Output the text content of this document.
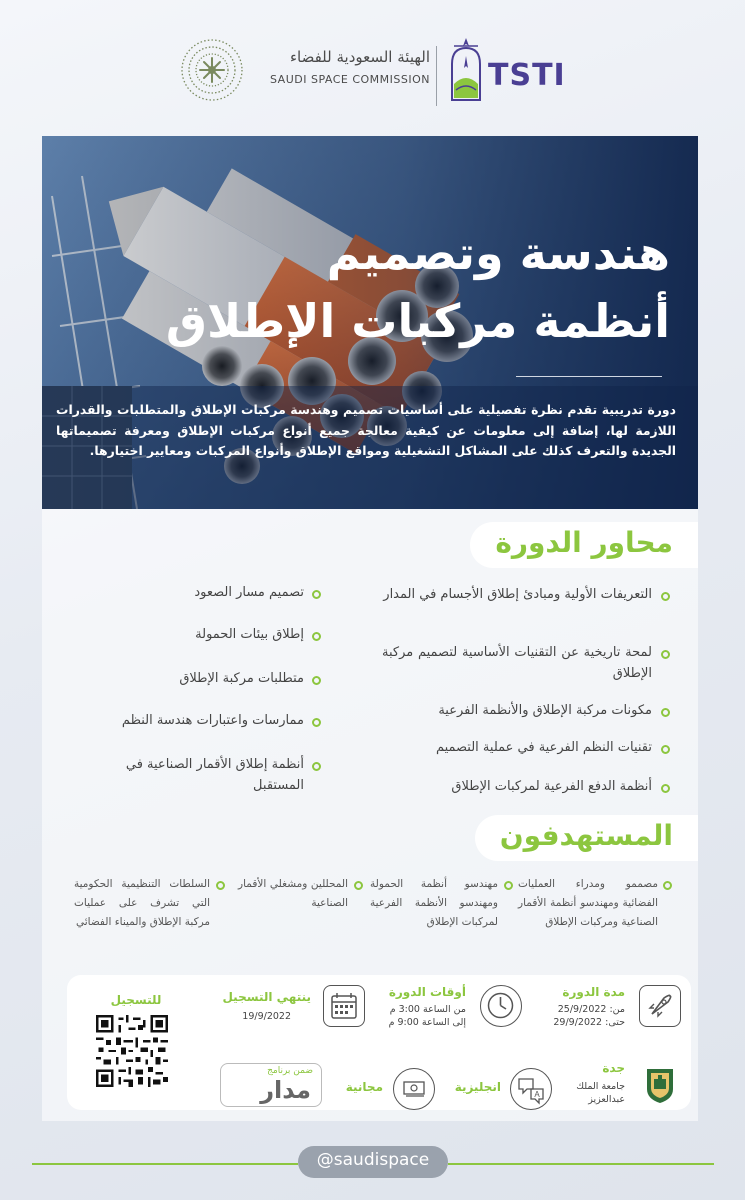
الهيئة السعودية للفضاء
SAUDI SPACE COMMISSION TSTI
هندسة وتصميم
أنظمة مركبات الإطلاق
دورة تدريبية تقدم نظرة تفصيلية على أساسيات تصميم وهندسة مركبات الإطلاق والمتطلبات والقدرات اللازمة لها، إضافة إلى معلومات عن كيفية معالجة جميع أنواع مركبات الإطلاق ومعرفة تصميماتها الجديدة والتعرف كذلك على المشاكل التشغيلية ومواقع الإطلاق وأنواع المركبات ومعايير اختيارها.
محاور الدورة
التعريفات الأولية ومبادئ إطلاق الأجسام في المدار
لمحة تاريخية عن التقنيات الأساسية لتصميم مركبة الإطلاق
مكونات مركبة الإطلاق والأنظمة الفرعية
تقنيات النظم الفرعية في عملية التصميم
أنظمة الدفع الفرعية لمركبات الإطلاق
تصميم مسار الصعود
إطلاق بيئات الحمولة
متطلبات مركبة الإطلاق
ممارسات واعتبارات هندسة النظم
أنظمة إطلاق الأقمار الصناعية في المستقبل
المستهدفون
مصممو ومدراء العمليات الفضائية ومهندسو أنظمة الأقمار الصناعية ومركبات الإطلاق
مهندسو أنظمة الحمولة ومهندسو الأنظمة الفرعية لمركبات الإطلاق
المحللين ومشغلي الأقمار الصناعية
السلطات التنظيمية الحكومية التي تشرف على عمليات مركبة الإطلاق والميناء الفضائي
مدة الدورة
من: 25/9/2022
حتى: 29/9/2022
أوقات الدورة
من الساعة 3:00 م
إلى الساعة 9:00 م
ينتهي التسجيل
19/9/2022
للتسجيل
جدة
جامعة الملك عبدالعزيز
A
انجليزية
مجانية
ضمن برنامج
مدار
@saudispace
